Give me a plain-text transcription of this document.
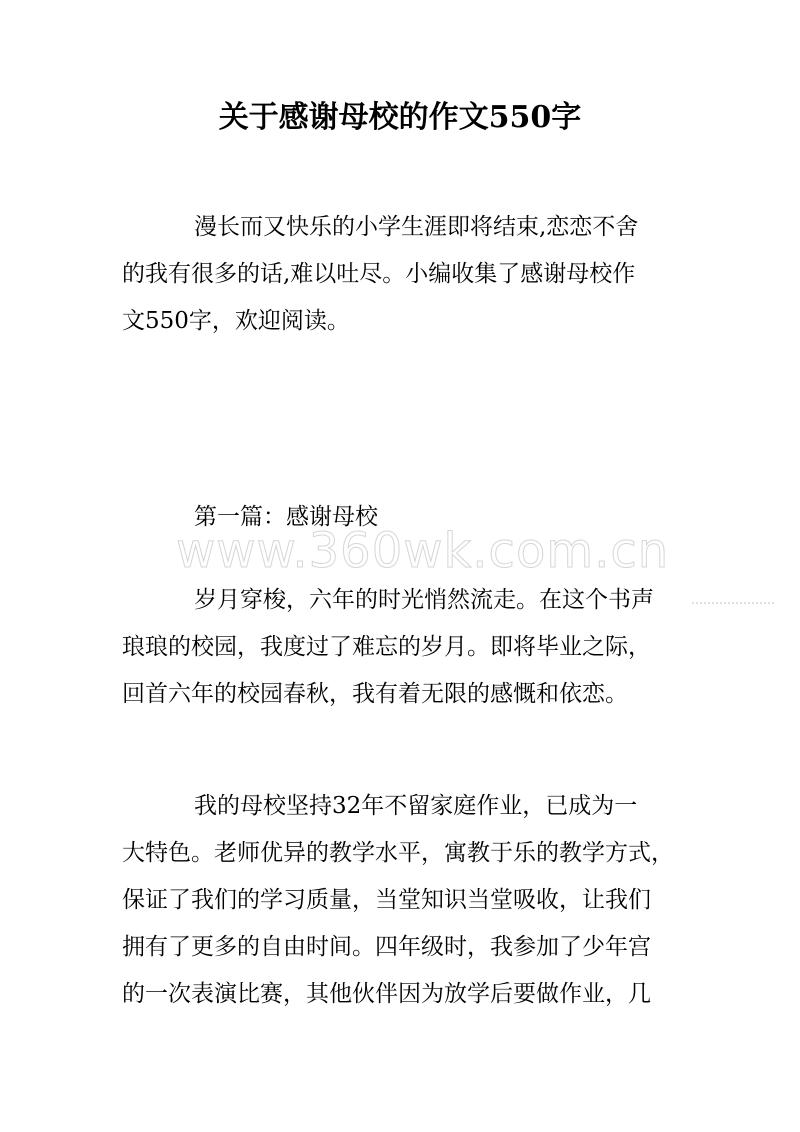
关于感谢母校的作文550字
漫长而又快乐的小学生涯即将结束,恋恋不舍
的我有很多的话,难以吐尽。小编收集了感谢母校作
文550字，欢迎阅读。
第一篇：感谢母校
www.360wk.com.cn
岁月穿梭，六年的时光悄然流走。在这个书声
琅琅的校园，我度过了难忘的岁月。即将毕业之际，
回首六年的校园春秋，我有着无限的感慨和依恋。
我的母校坚持32年不留家庭作业，已成为一
大特色。老师优异的教学水平，寓教于乐的教学方式，
保证了我们的学习质量，当堂知识当堂吸收，让我们
拥有了更多的自由时间。四年级时，我参加了少年宫
的一次表演比赛，其他伙伴因为放学后要做作业，几
